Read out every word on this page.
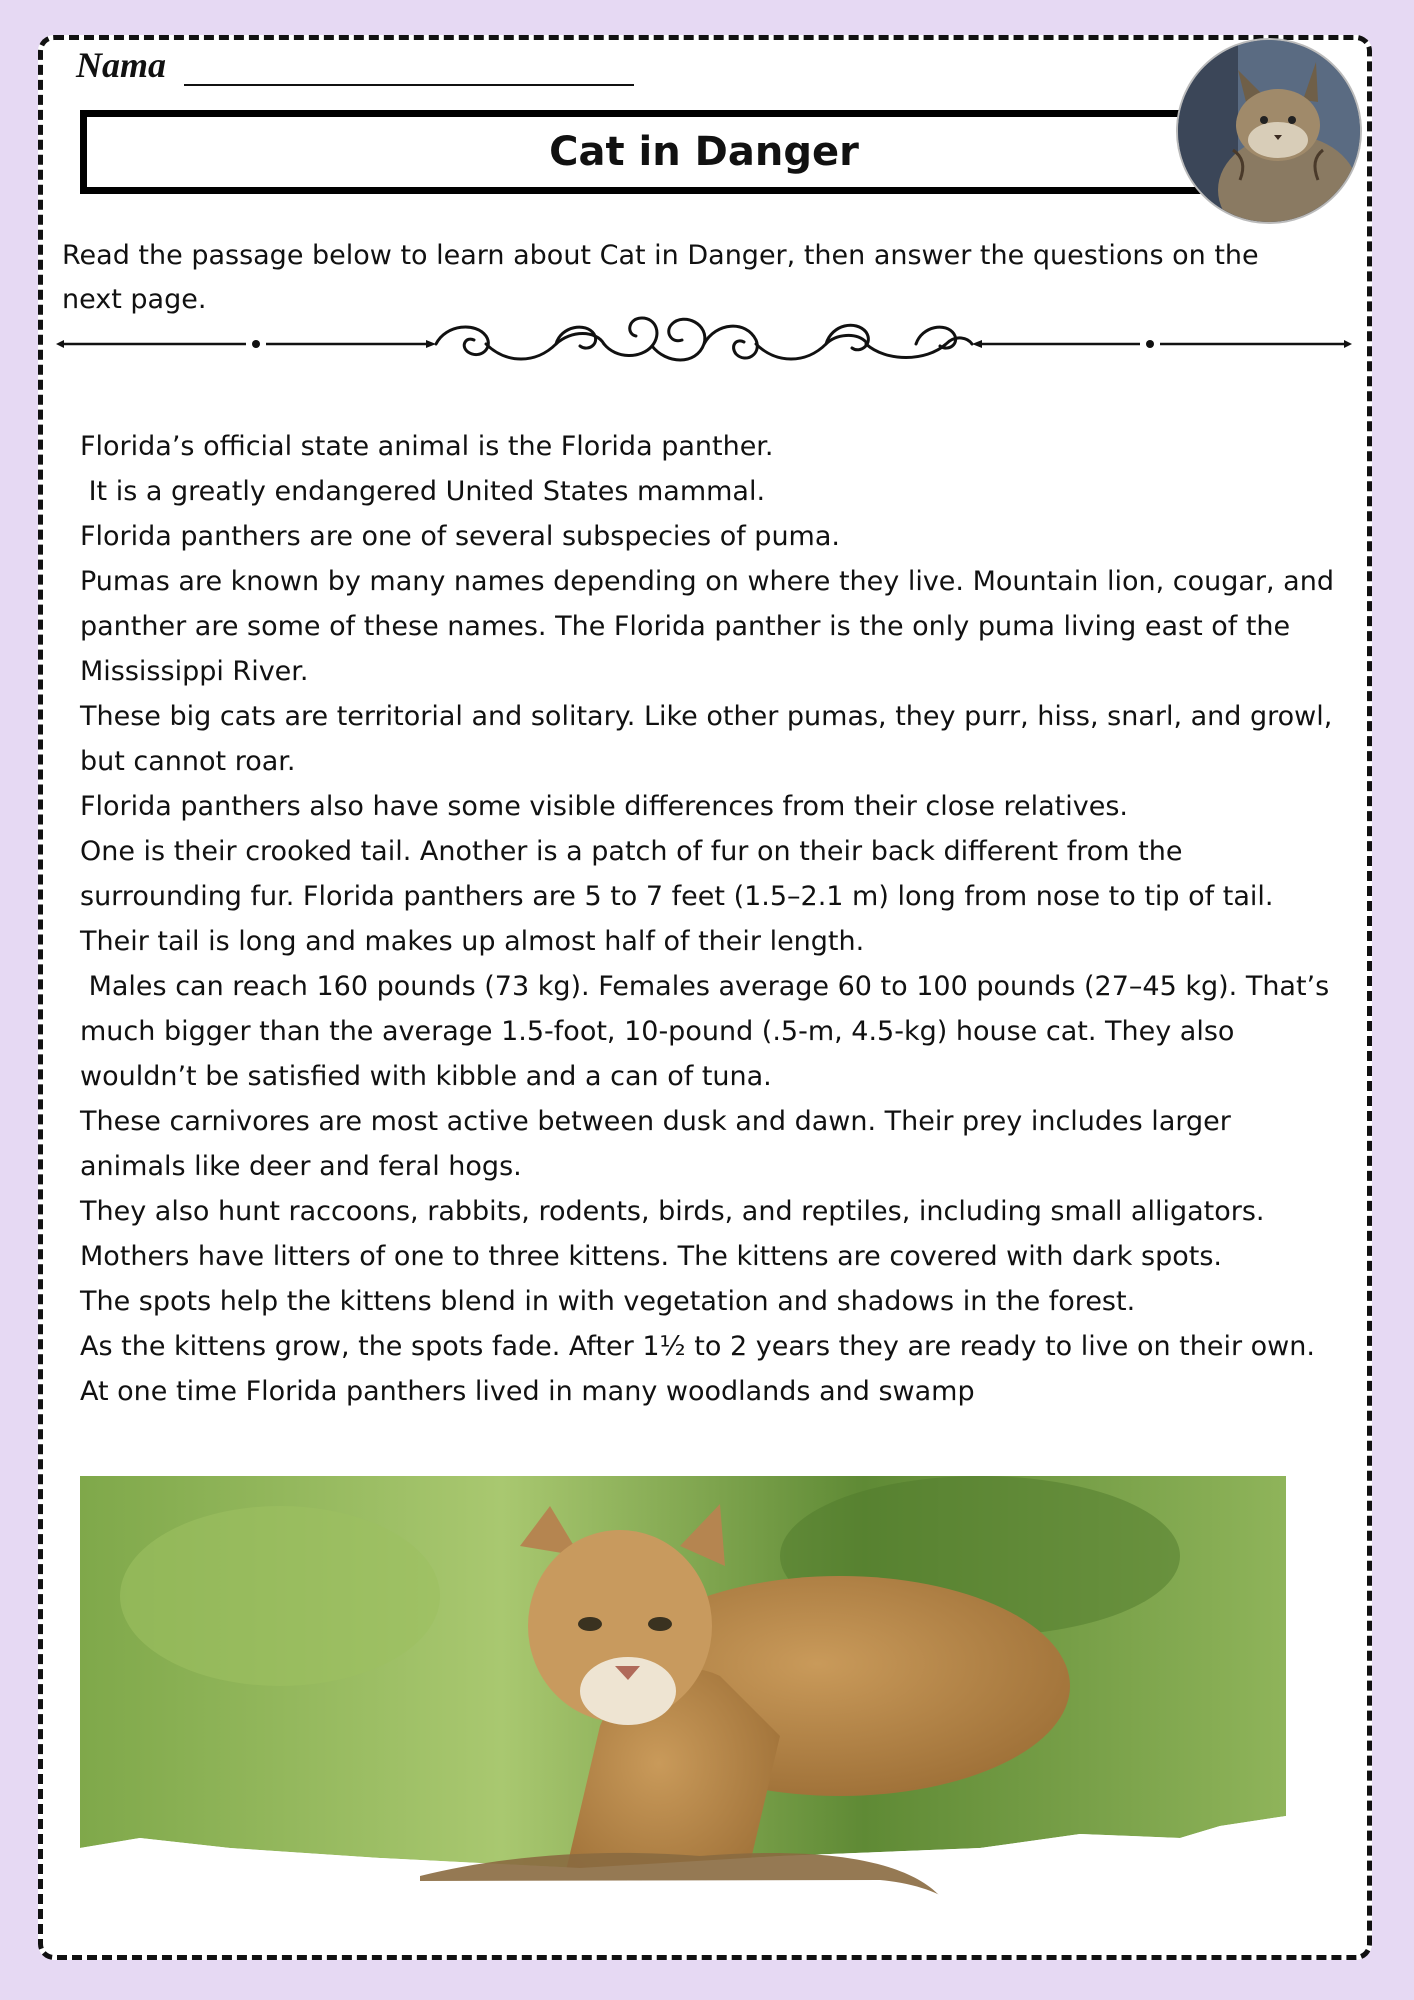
Nama
Cat in Danger
Read the passage below to learn about Cat in Danger, then answer the questions on the next page.

Florida’s official state animal is the Florida panther.

It is a greatly endangered United States mammal.

Florida panthers are one of several subspecies of puma.

Pumas are known by many names depending on where they live. Mountain lion, cougar, and panther are some of these names. The Florida panther is the only puma living east of the Mississippi River.

These big cats are territorial and solitary. Like other pumas, they purr, hiss, snarl, and growl, but cannot roar.

Florida panthers also have some visible differences from their close relatives.

One is their crooked tail. Another is a patch of fur on their back different from the surrounding fur. Florida panthers are 5 to 7 feet (1.5–2.1 m) long from nose to tip of tail. Their tail is long and makes up almost half of their length.

Males can reach 160 pounds (73 kg). Females average 60 to 100 pounds (27–45 kg). That’s much bigger than the average 1.5-foot, 10-pound (.5-m, 4.5-kg) house cat. They also wouldn’t be satisfied with kibble and a can of tuna.

These carnivores are most active between dusk and dawn. Their prey includes larger animals like deer and feral hogs.

They also hunt raccoons, rabbits, rodents, birds, and reptiles, including small alligators.

Mothers have litters of one to three kittens. The kittens are covered with dark spots.

The spots help the kittens blend in with vegetation and shadows in the forest.

As the kittens grow, the spots fade. After 1½ to 2 years they are ready to live on their own. At one time Florida panthers lived in many woodlands and swamp
